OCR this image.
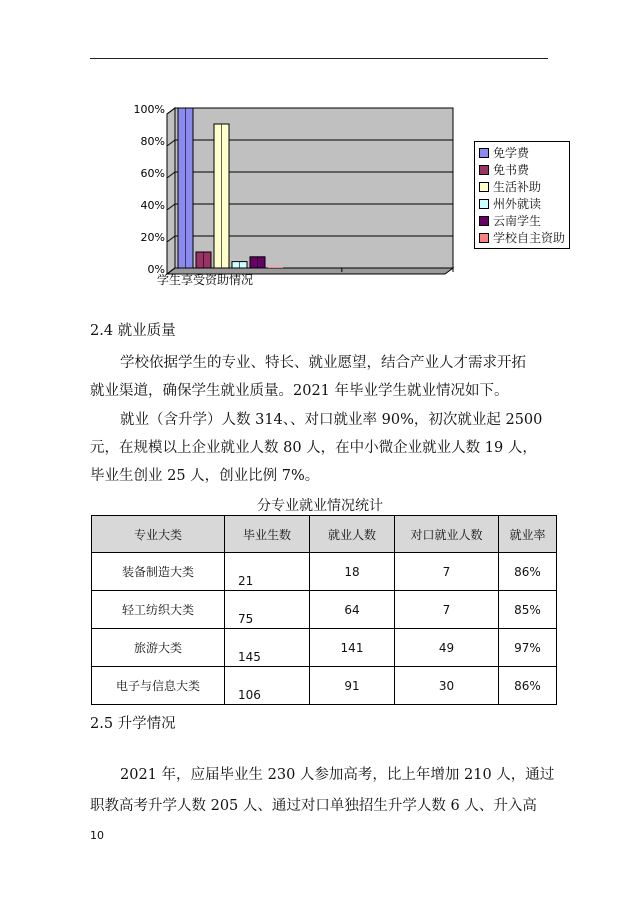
0%
20%
40%
60%
80%
100%
学生享受资助情况
免学费
免书费
生活补助
州外就读
云南学生
学校自主资助
2.4 就业质量
学校依据学生的专业、特长、就业愿望，结合产业人才需求开拓
就业渠道，确保学生就业质量。2021 年毕业学生就业情况如下。
就业（含升学）人数 314、、对口就业率 90%，初次就业起 2500
元，在规模以上企业就业人数 80 人，在中小微企业就业人数 19 人，
毕业生创业 25 人，创业比例 7%。
分专业就业情况统计
专业大类	毕业生数	就业人数	对口就业人数	就业率
装备制造大类	21	18	7	86%
轻工纺织大类	75	64	7	85%
旅游大类	145	141	49	97%
电子与信息大类	106	91	30	86%
2.5 升学情况
2021 年，应届毕业生 230 人参加高考，比上年增加 210 人，通过
职教高考升学人数 205 人、通过对口单独招生升学人数 6 人、升入高
10
